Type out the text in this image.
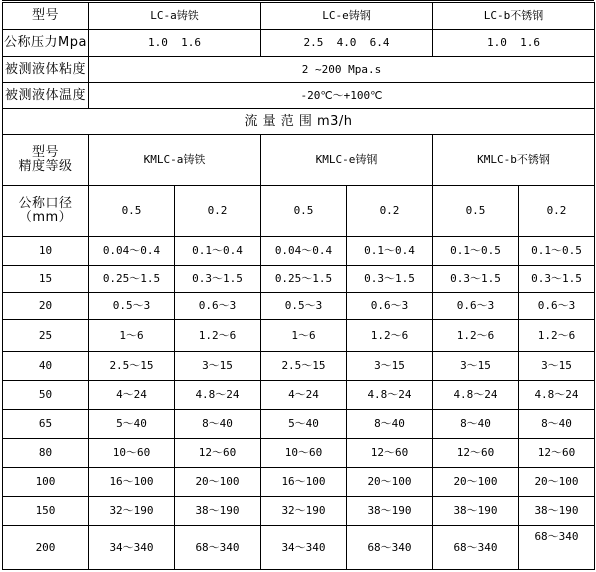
型号	LC-a铸铁		LC-e铸钢		LC-b不锈钢	
公称压力Mpa	1.0  1.6		2.5  4.0  6.4		1.0  1.6	
被测液体粘度	2 ~200 Mpa.s					
被测液体温度	-20℃～+100℃					
流 量 范 围 m3/h						

型号
精度等级	KMLC-a铸铁		KMLC-e铸钢		KMLC-b不锈钢	

公称口径
（mm）	0.5	0.2	0.5	0.2	0.5	0.2
10	0.04～0.4	0.1～0.4	0.04～0.4	0.1～0.4	0.1～0.5	0.1～0.5
15	0.25～1.5	0.3～1.5	0.25～1.5	0.3～1.5	0.3～1.5	0.3～1.5
20	0.5～3	0.6～3	0.5～3	0.6～3	0.6～3	0.6～3
25	1～6	1.2～6	1～6	1.2～6	1.2～6	1.2～6
40	2.5～15	3～15	2.5～15	3～15	3～15	3～15
50	4～24	4.8～24	4～24	4.8～24	4.8～24	4.8～24
65	5～40	8～40	5～40	8～40	8～40	8～40
80	10～60	12～60	10～60	12～60	12～60	12～60
100	16～100	20～100	16～100	20～100	20～100	20～100
150	32～190	38～190	32～190	38～190	38～190	38～190
200	34～340	68～340	34～340	68～340	68～340	68～340
